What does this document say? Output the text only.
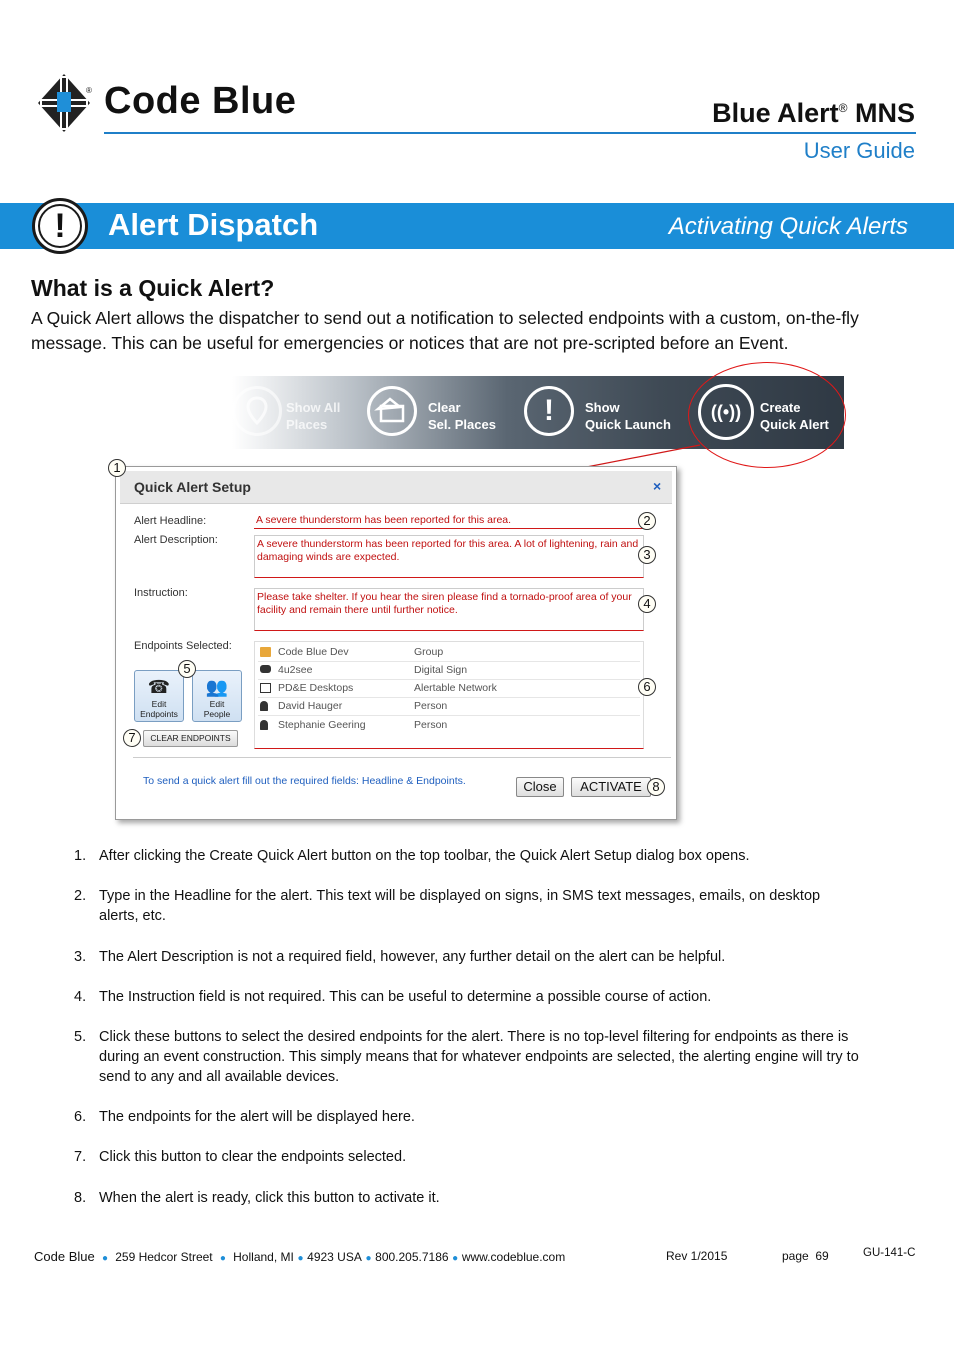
® Code Blue	Blue Alert® MNS
User Guide
!	Alert Dispatch	Activating Quick Alerts
What is a Quick Alert?
A Quick Alert allows the dispatcher to send out a notification to selected endpoints with a custom, on-the-fly message. This can be useful for emergencies or notices that are not pre-scripted before an Event.
Show All
Places
Clear
Sel. Places	!	Show
Quick Launch
((•))	Create
Quick Alert
Quick Alert Setup	×
Alert Headline:	A severe thunderstorm has been reported for this area.
Alert Description:	A severe thunderstorm has been reported for this area. A lot of lightening, rain and damaging winds are expected.
Instruction:	Please take shelter. If you hear the siren please find a tornado-proof area of your facility and remain there until further notice.
Endpoints Selected:	Code Blue Dev	Group
4u2see	Digital Sign
PD&E Desktops	Alertable Network
David Hauger	Person
Stephanie Geering	Person
☎
Edit
Endpoints
👥
Edit
People
CLEAR ENDPOINTS
To send a quick alert fill out the required fields: Headline & Endpoints.	Close	ACTIVATE
1
2
3
4
5
6
7
8
1. After clicking the Create Quick Alert button on the top toolbar, the Quick Alert Setup dialog box opens.
2. Type in the Headline for the alert. This text will be displayed on signs, in SMS text messages, emails, on desktop alerts, etc.
3. The Alert Description is not a required field, however, any further detail on the alert can be helpful.
4. The Instruction field is not required. This can be useful to determine a possible course of action.
5. Click these buttons to select the desired endpoints for the alert. There is no top-level filtering for endpoints as there is during an event construction. This simply means that for whatever endpoints are selected, the alerting engine will try to send to any and all available devices.
6. The endpoints for the alert will be displayed here.
7. Click this button to clear the endpoints selected.
8. When the alert is ready, click this button to activate it.
Code Blue ● 259 Hedcor Street ● Holland, MI ● 4923 USA ● 800.205.7186 ● www.codeblue.com	Rev 1/2015	page 69	GU-141-C
